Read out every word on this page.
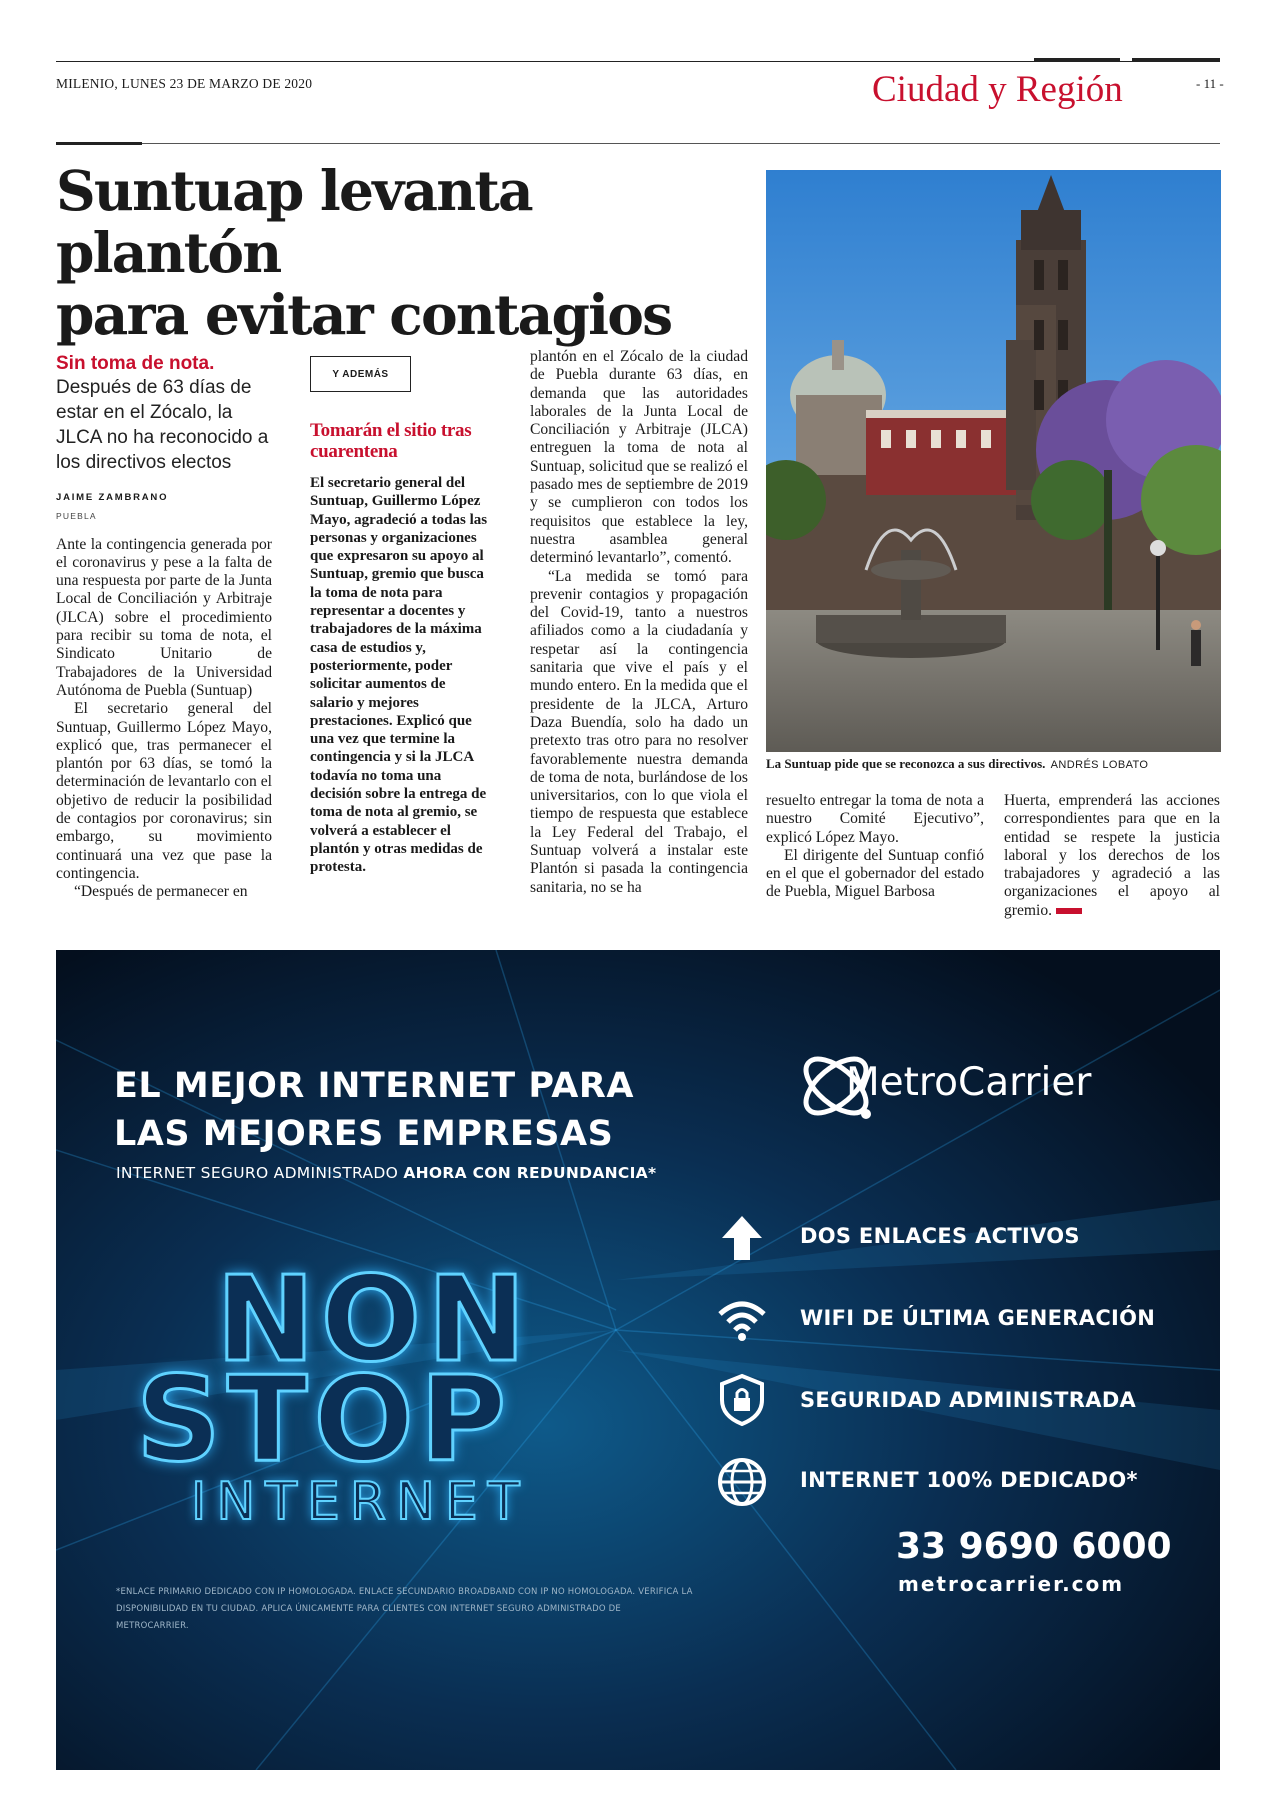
MILENIO, LUNES 23 DE MARZO DE 2020	Ciudad y Región	- 11 -
Suntuap levanta plantón
para evitar contagios
Sin toma de nota.
Después de 63 días de estar en el Zócalo, la JLCA no ha reconocido a los directivos electos
JAIME ZAMBRANO
PUEBLA

Ante la contingencia generada por el coronavirus y pese a la falta de una respuesta por parte de la Junta Local de Conciliación y Arbitraje (JLCA) sobre el procedimiento para recibir su toma de nota, el Sindicato Unitario de Trabajadores de la Universidad Autónoma de Puebla (Suntuap)

El secretario general del Suntuap, Guillermo López Mayo, explicó que, tras permanecer el plantón por 63 días, se tomó la determinación de levantarlo con el objetivo de reducir la posibilidad de contagios por coronavirus; sin embargo, su movimiento continuará una vez que pase la contingencia.

“Después de permanecer en

Y ADEMÁS
Tomarán el sitio tras cuarentena
El secretario general del Suntuap, Guillermo López Mayo, agradeció a todas las personas y organizaciones que expresaron su apoyo al Suntuap, gremio que busca la toma de nota para representar a docentes y trabajadores de la máxima casa de estudios y, posteriormente, poder solicitar aumentos de salario y mejores prestaciones. Explicó que una vez que termine la contingencia y si la JLCA todavía no toma una decisión sobre la entrega de toma de nota al gremio, se volverá a establecer el plantón y otras medidas de protesta.

plantón en el Zócalo de la ciudad de Puebla durante 63 días, en demanda que las autoridades laborales de la Junta Local de Conciliación y Arbitraje (JLCA) entreguen la toma de nota al Suntuap, solicitud que se realizó el pasado mes de septiembre de 2019 y se cumplieron con todos los requisitos que establece la ley, nuestra asamblea general determinó levantarlo”, comentó.

“La medida se tomó para prevenir contagios y propagación del Covid-19, tanto a nuestros afiliados como a la ciudadanía y respetar así la contingencia sanitaria que vive el país y el mundo entero. En la medida que el presidente de la JLCA, Arturo Daza Buendía, solo ha dado un pretexto tras otro para no resolver favorablemente nuestra demanda de toma de nota, burlándose de los universitarios, con lo que viola el tiempo de respuesta que establece la Ley Federal del Trabajo, el Suntuap volverá a instalar este Plantón si pasada la contingencia sanitaria, no se ha

La Suntuap pide que se reconozca a sus directivos. ANDRÉS LOBATO

resuelto entregar la toma de nota a nuestro Comité Ejecutivo”, explicó López Mayo.

El dirigente del Suntuap confió en el que el gobernador del estado de Puebla, Miguel Barbosa

Huerta, emprenderá las acciones correspondientes para que en la entidad se respete la justicia laboral y los derechos de los trabajadores y agradeció a las organizaciones el apoyo al gremio.

EL MEJOR INTERNET PARA
LAS MEJORES EMPRESAS
INTERNET SEGURO ADMINISTRADO AHORA CON REDUNDANCIA*
MetroCarrier
NON
STOP
INTERNET
DOS ENLACES ACTIVOS
WIFI DE ÚLTIMA GENERACIÓN
SEGURIDAD ADMINISTRADA
INTERNET 100% DEDICADO*
33 9690 6000
metrocarrier.com
*ENLACE PRIMARIO DEDICADO CON IP HOMOLOGADA. ENLACE SECUNDARIO BROADBAND CON IP NO HOMOLOGADA. VERIFICA LA DISPONIBILIDAD EN TU CIUDAD. APLICA ÚNICAMENTE PARA CLIENTES CON INTERNET SEGURO ADMINISTRADO DE METROCARRIER.
